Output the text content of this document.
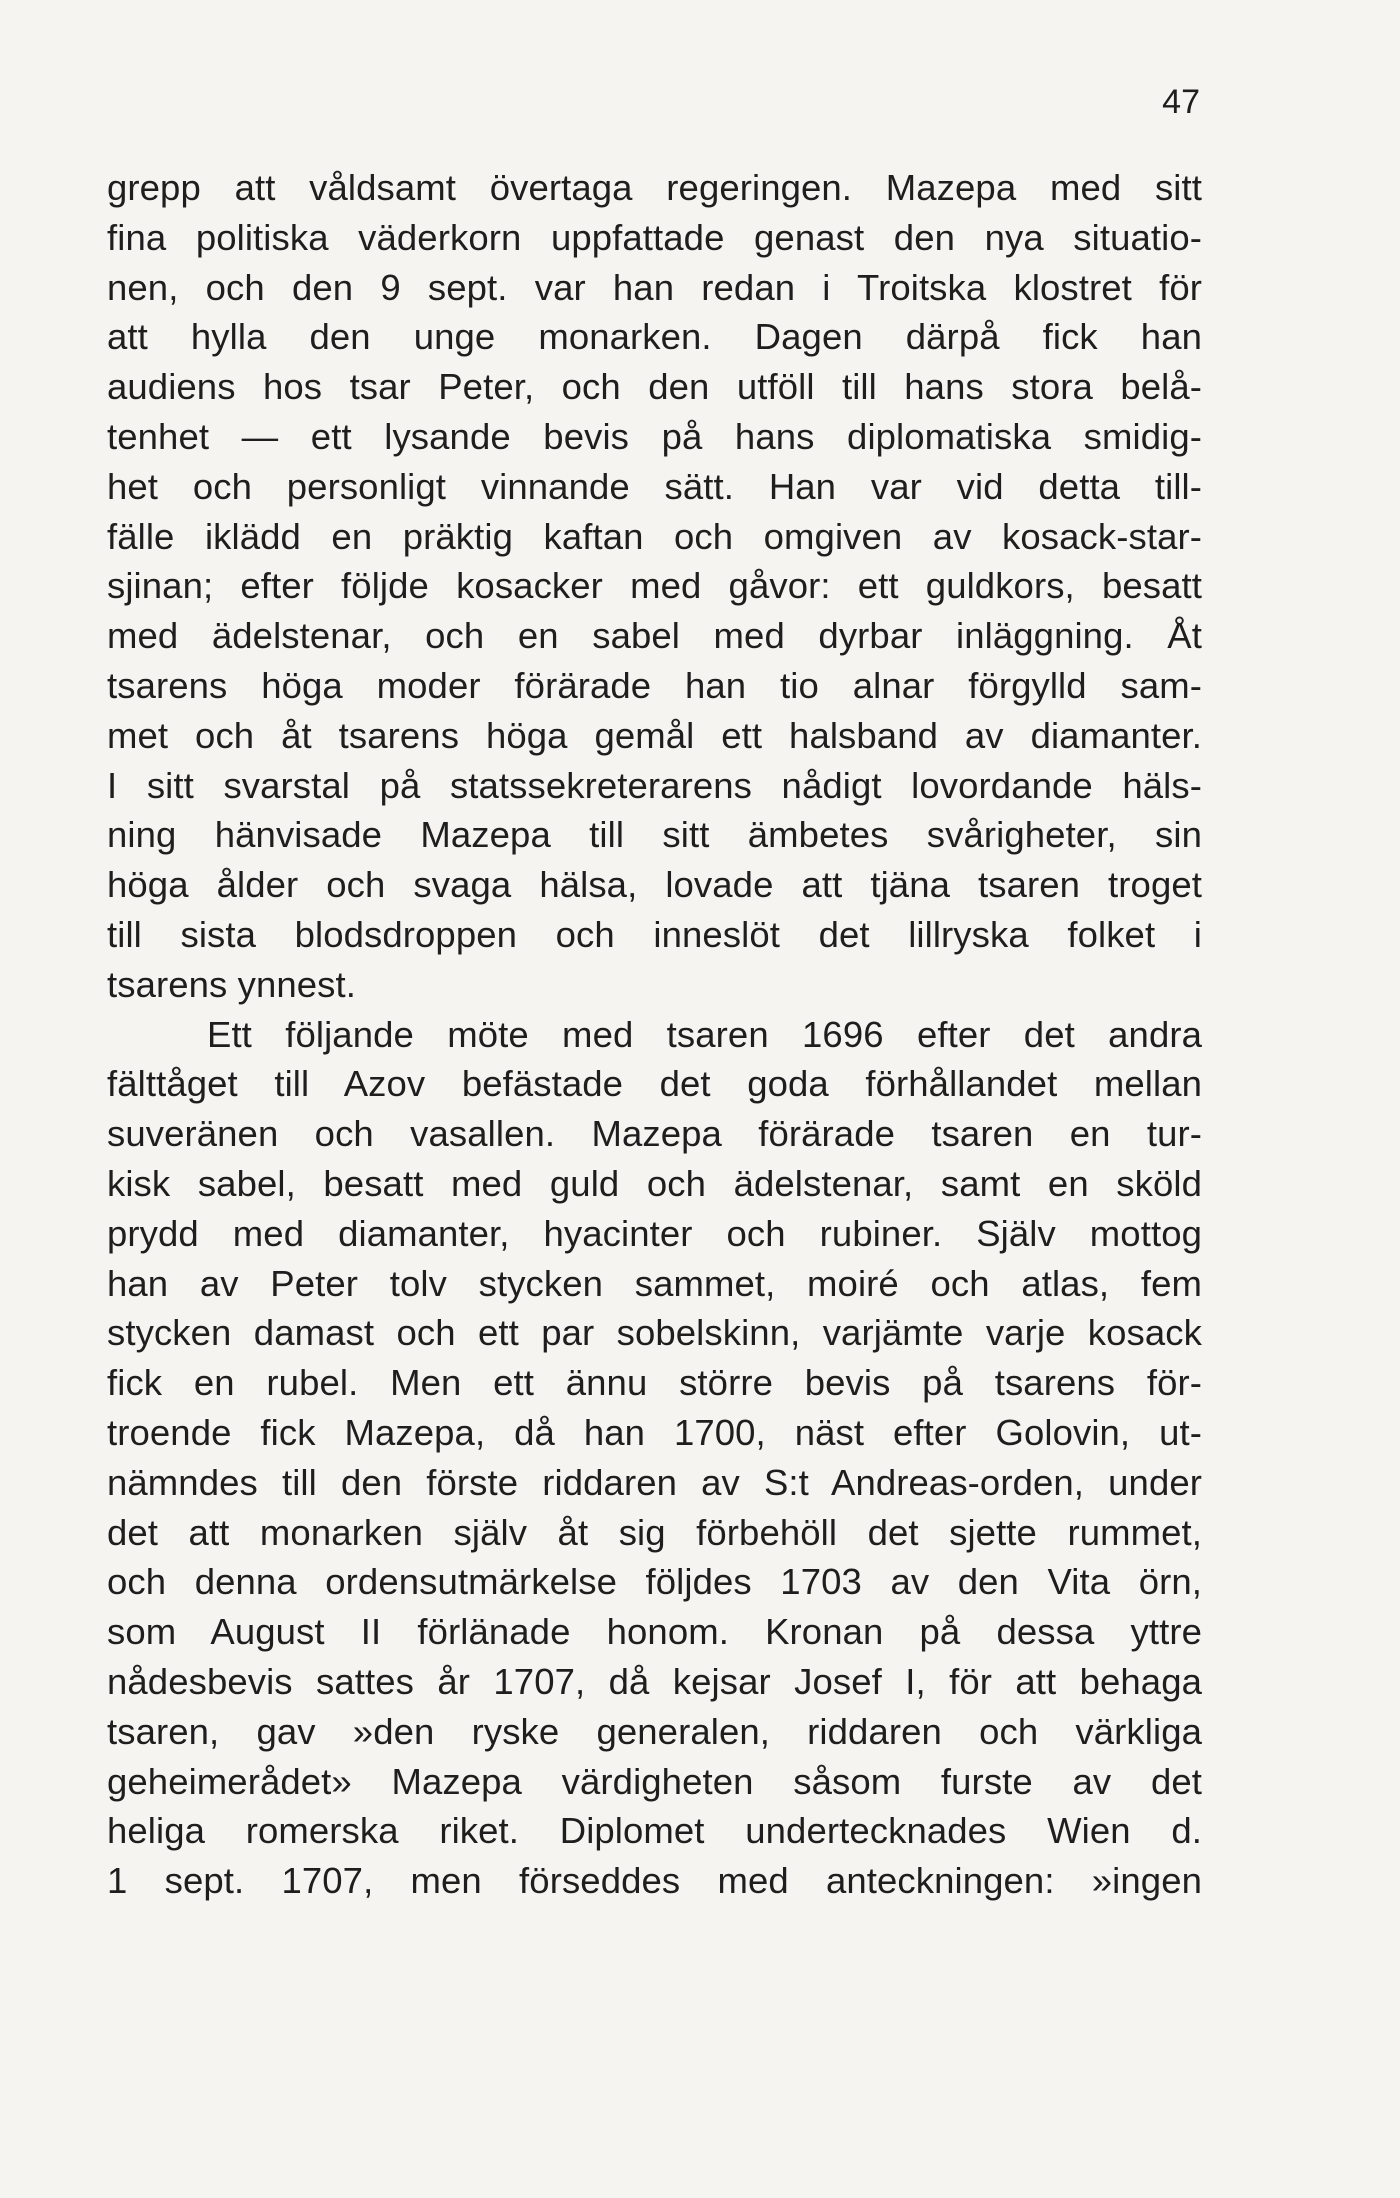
47
grepp att våldsamt övertaga regeringen. Mazepa med sitt
fina politiska väderkorn uppfattade genast den nya situatio-
nen, och den 9 sept. var han redan i Troitska klostret för
att hylla den unge monarken. Dagen därpå fick han
audiens hos tsar Peter, och den utföll till hans stora belå-
tenhet — ett lysande bevis på hans diplomatiska smidig-
het och personligt vinnande sätt. Han var vid detta till-
fälle iklädd en präktig kaftan och omgiven av kosack-star-
sjinan; efter följde kosacker med gåvor: ett guldkors, besatt
med ädelstenar, och en sabel med dyrbar inläggning. Åt
tsarens höga moder förärade han tio alnar förgylld sam-
met och åt tsarens höga gemål ett halsband av diamanter.
I sitt svarstal på statssekreterarens nådigt lovordande häls-
ning hänvisade Mazepa till sitt ämbetes svårigheter, sin
höga ålder och svaga hälsa, lovade att tjäna tsaren troget
till sista blodsdroppen och inneslöt det lillryska folket i
tsarens ynnest.
Ett följande möte med tsaren 1696 efter det andra
fälttåget till Azov befästade det goda förhållandet mellan
suveränen och vasallen. Mazepa förärade tsaren en tur-
kisk sabel, besatt med guld och ädelstenar, samt en sköld
prydd med diamanter, hyacinter och rubiner. Själv mottog
han av Peter tolv stycken sammet, moiré och atlas, fem
stycken damast och ett par sobelskinn, varjämte varje kosack
fick en rubel. Men ett ännu större bevis på tsarens för-
troende fick Mazepa, då han 1700, näst efter Golovin, ut-
nämndes till den förste riddaren av S:t Andreas-orden, under
det att monarken själv åt sig förbehöll det sjette rummet,
och denna ordensutmärkelse följdes 1703 av den Vita örn,
som August II förlänade honom. Kronan på dessa yttre
nådesbevis sattes år 1707, då kejsar Josef I, för att behaga
tsaren, gav »den ryske generalen, riddaren och värkliga
geheimerådet» Mazepa värdigheten såsom furste av det
heliga romerska riket. Diplomet undertecknades Wien d.
1 sept. 1707, men förseddes med anteckningen: »ingen
